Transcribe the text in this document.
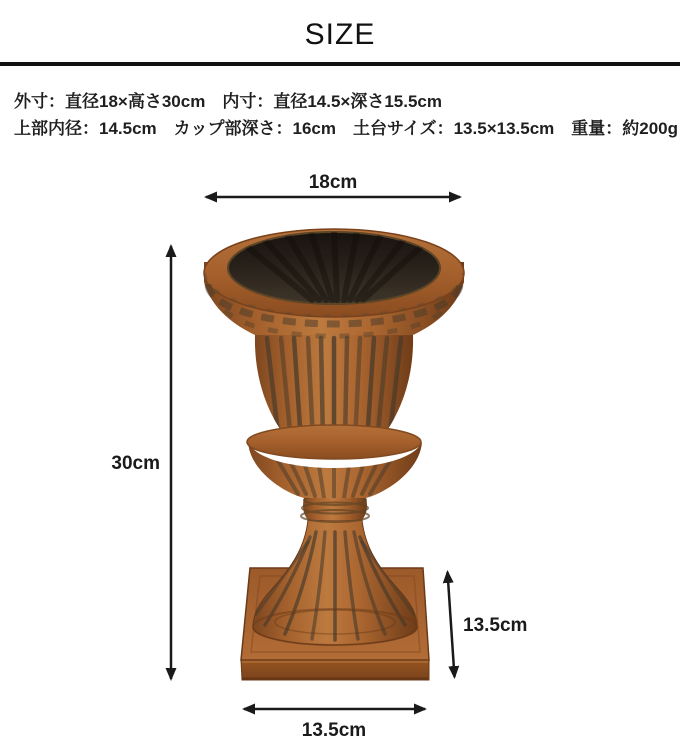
SIZE
外寸：直径18×高さ30cm　内寸：直径14.5×深さ15.5cm
上部内径：14.5cm　カップ部深さ：16cm　土台サイズ：13.5×13.5cm　重量：約200g
18cm
30cm
13.5cm
13.5cm
